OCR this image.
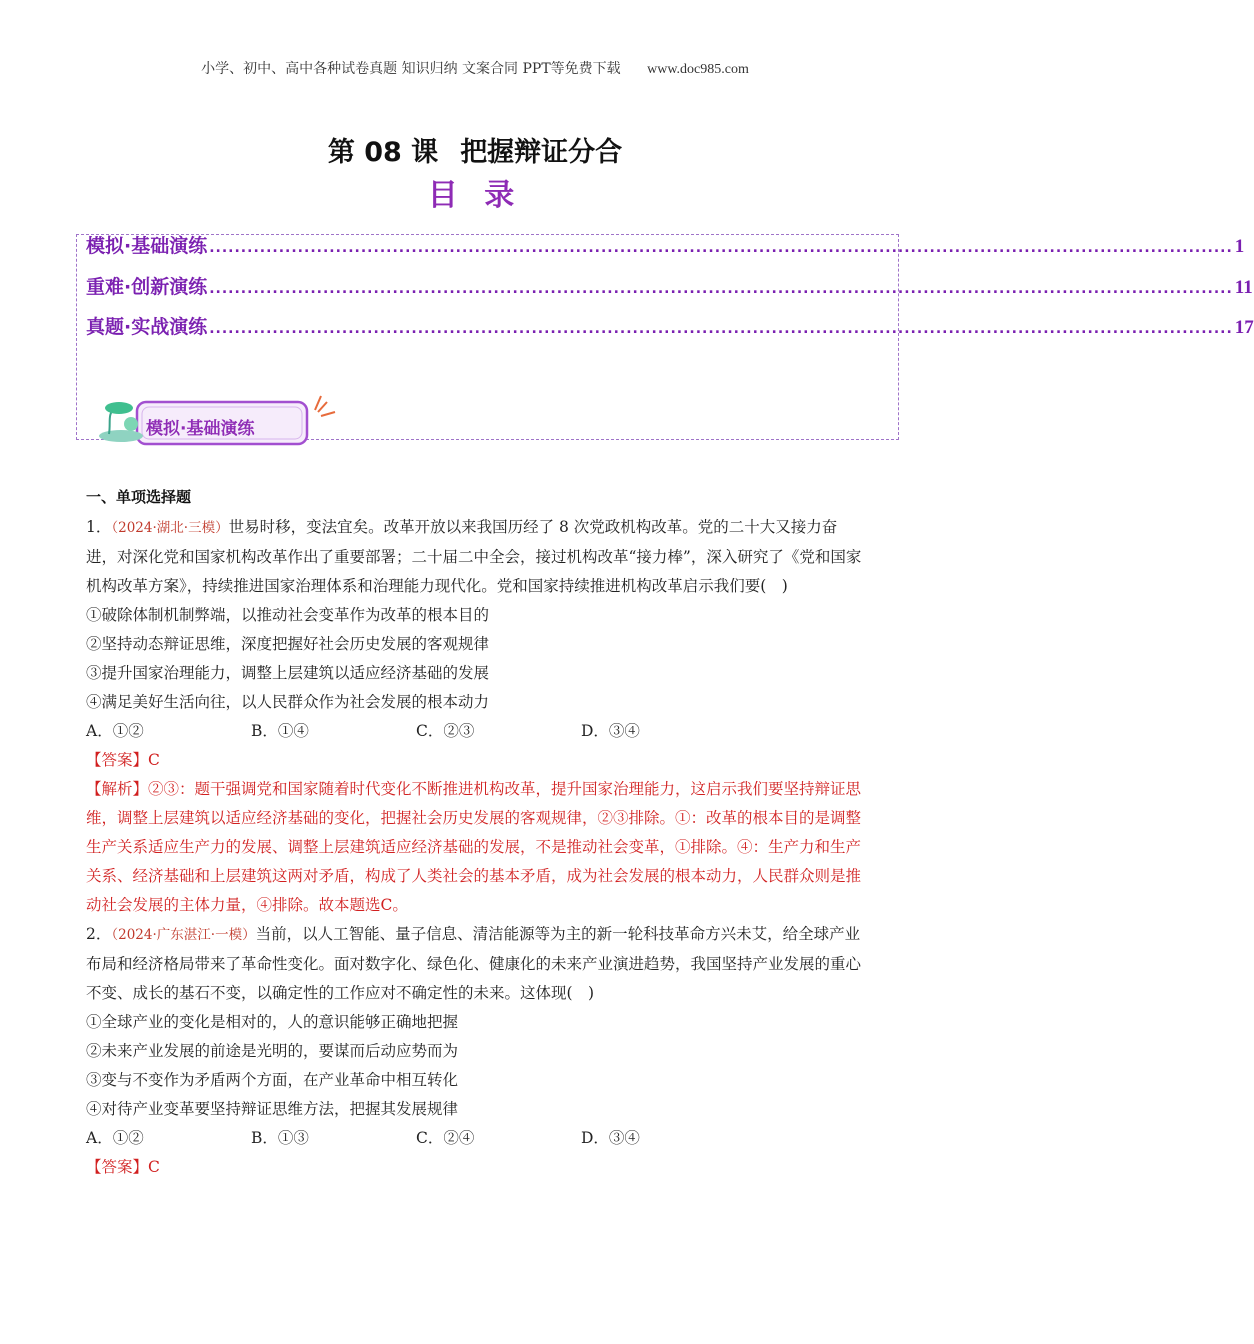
小学、初中、高中各种试卷真题 知识归纳 文案合同 PPT等免费下载 www.doc985.com
第 08 课 把握辩证分合
目 录
模拟·基础演练 .................................................................................................................................................................. 1
重难·创新演练 .................................................................................................................................................................. 11
真题·实战演练 .................................................................................................................................................................. 17
模拟·基础演练
一、单项选择题

1．（2024·湖北·三模）世易时移，变法宜矣。改革开放以来我国历经了 8 次党政机构改革。党的二十大又接力奋进，对深化党和国家机构改革作出了重要部署；二十届二中全会，接过机构改革“接力棒”，深入研究了《党和国家机构改革方案》，持续推进国家治理体系和治理能力现代化。党和国家持续推进机构改革启示我们要(　)

①破除体制机制弊端，以推动社会变革作为改革的根本目的

②坚持动态辩证思维，深度把握好社会历史发展的客观规律

③提升国家治理能力，调整上层建筑以适应经济基础的发展

④满足美好生活向往，以人民群众作为社会发展的根本动力

A．①②	B．①④	C．②③	D．③④

【答案】C

【解析】②③：题干强调党和国家随着时代变化不断推进机构改革，提升国家治理能力，这启示我们要坚持辩证思维，调整上层建筑以适应经济基础的变化，把握社会历史发展的客观规律，②③排除。①：改革的根本目的是调整生产关系适应生产力的发展、调整上层建筑适应经济基础的发展，不是推动社会变革，①排除。④：生产力和生产关系、经济基础和上层建筑这两对矛盾，构成了人类社会的基本矛盾，成为社会发展的根本动力，人民群众则是推动社会发展的主体力量，④排除。故本题选C。

2．（2024·广东湛江·一模）当前，以人工智能、量子信息、清洁能源等为主的新一轮科技革命方兴未艾，给全球产业布局和经济格局带来了革命性变化。面对数字化、绿色化、健康化的未来产业演进趋势，我国坚持产业发展的重心不变、成长的基石不变，以确定性的工作应对不确定性的未来。这体现(　)

①全球产业的变化是相对的，人的意识能够正确地把握

②未来产业发展的前途是光明的，要谋而后动应势而为

③变与不变作为矛盾两个方面，在产业革命中相互转化

④对待产业变革要坚持辩证思维方法，把握其发展规律

A．①②	B．①③	C．②④	D．③④

【答案】C
